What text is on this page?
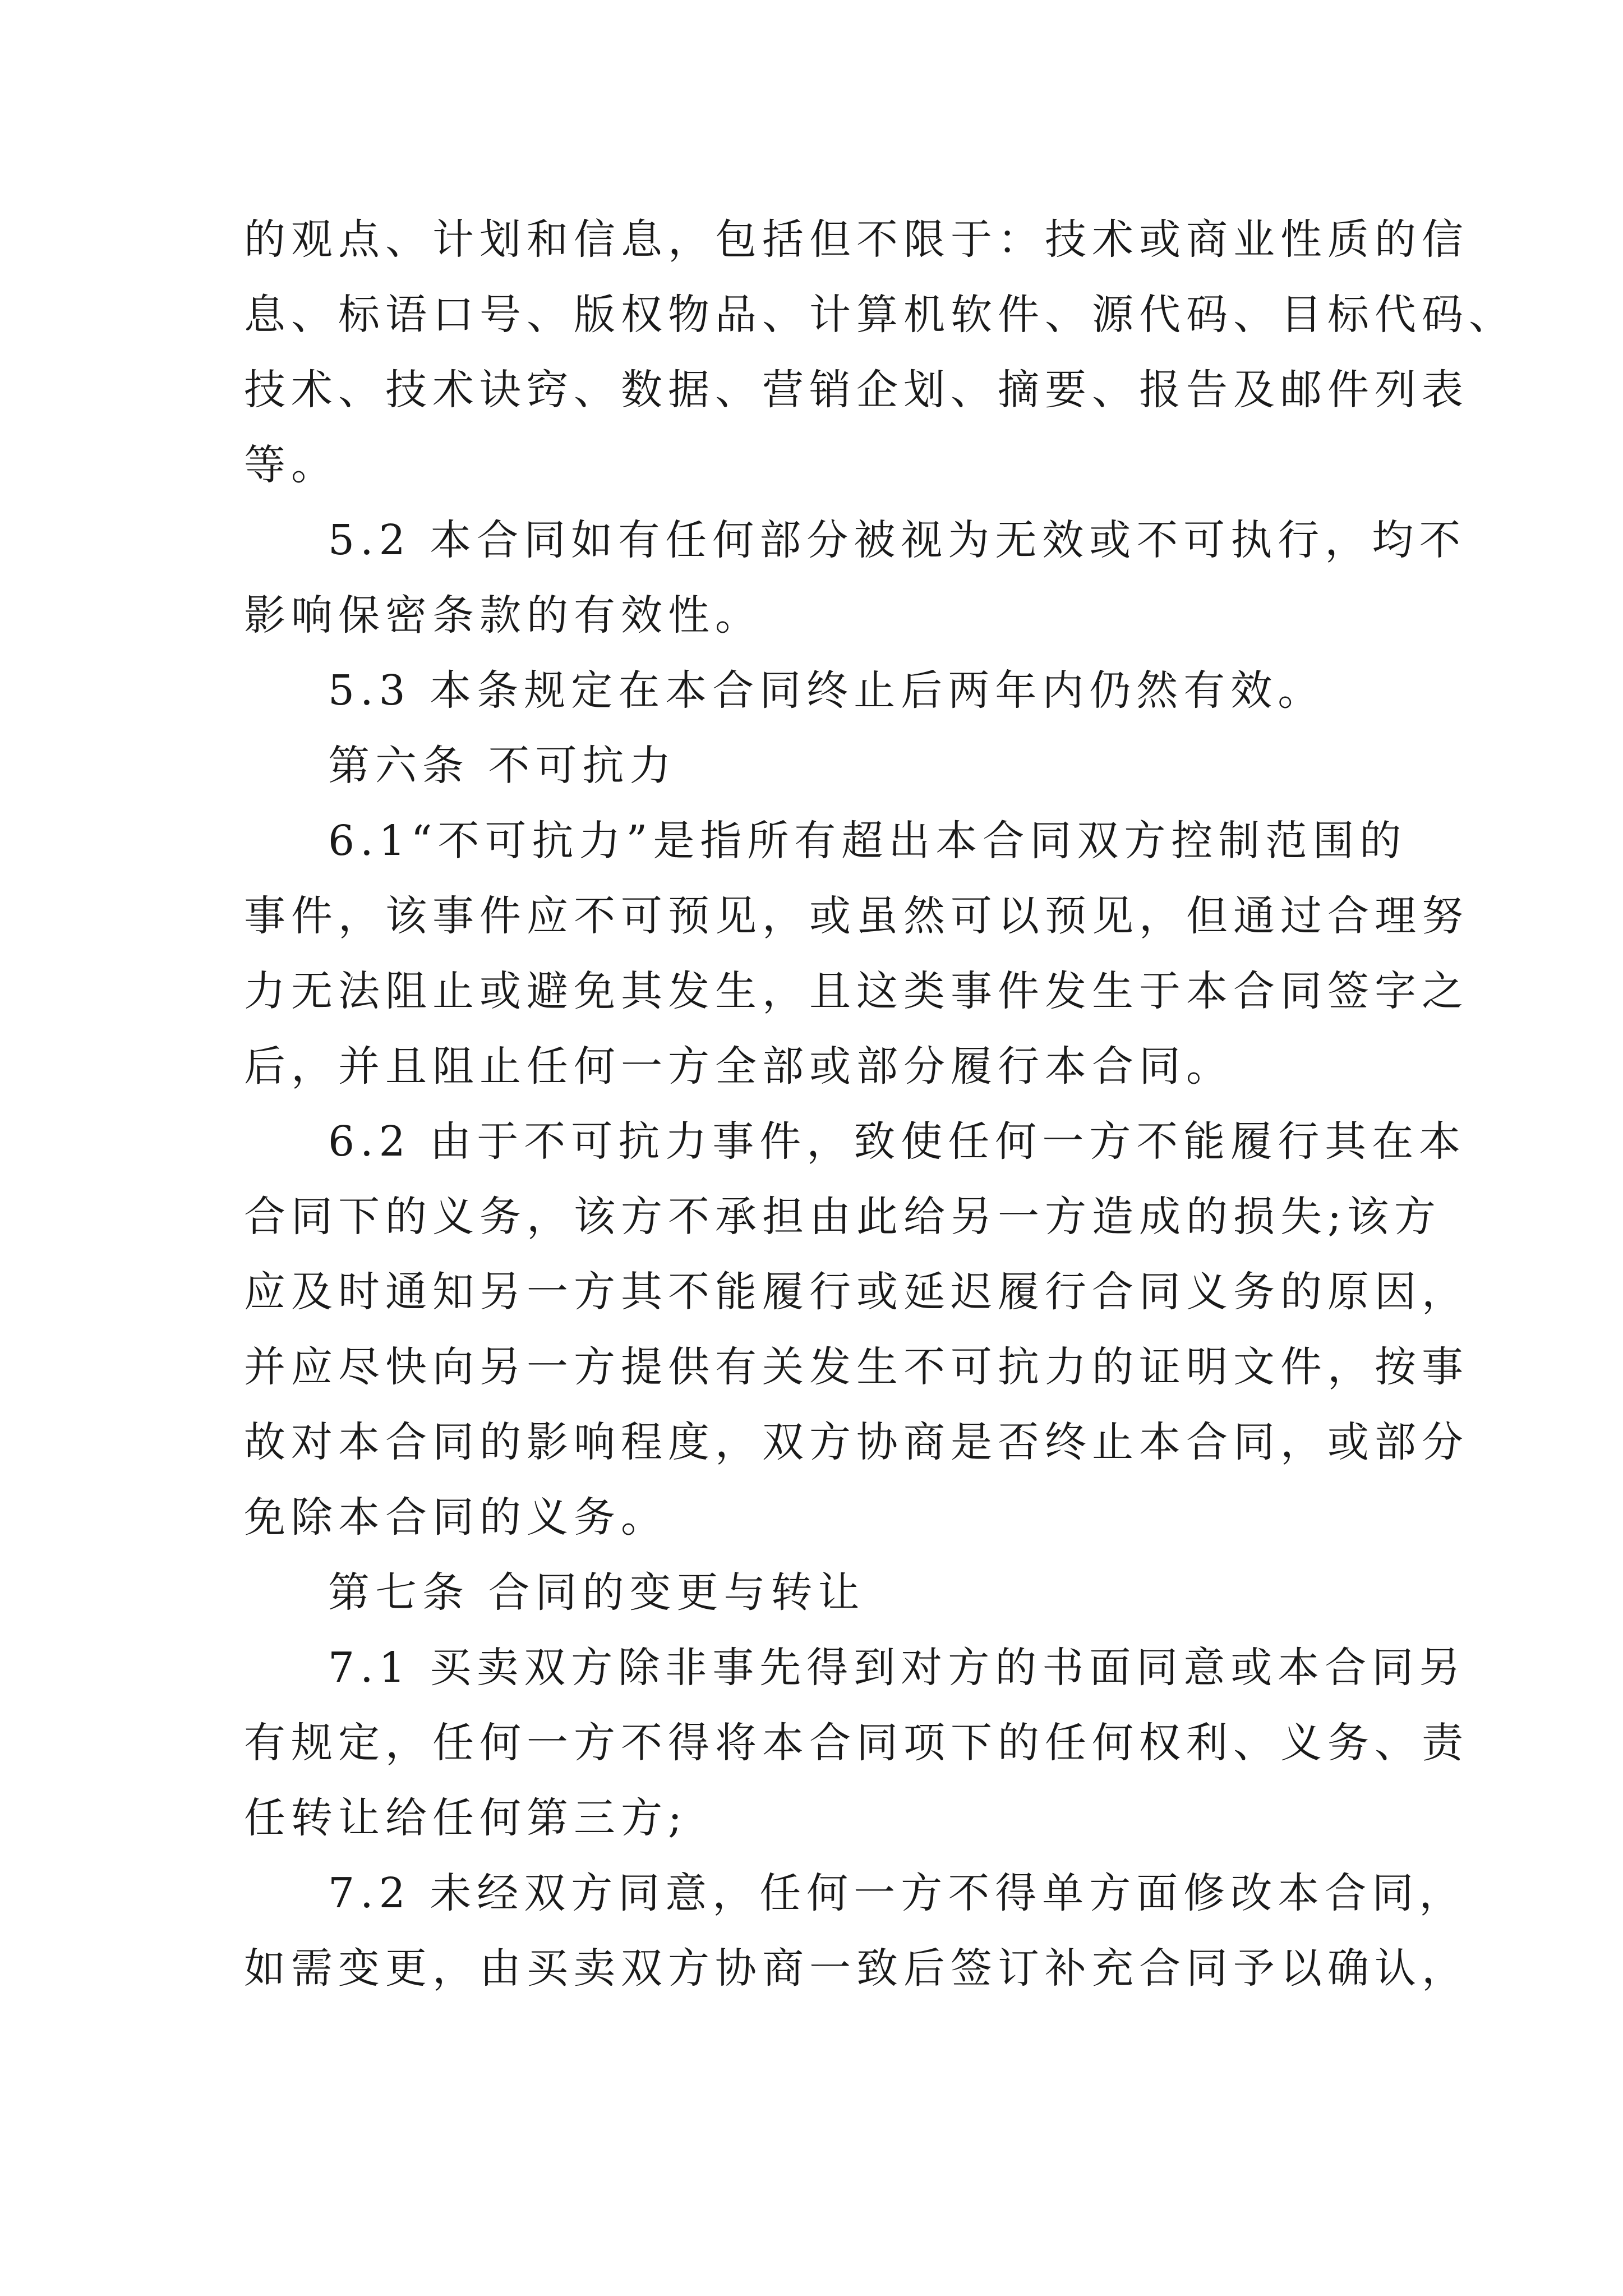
的观点、计划和信息，包括但不限于：技术或商业性质的信
息、标语口号、版权物品、计算机软件、源代码、目标代码、
技术、技术诀窍、数据、营销企划、摘要、报告及邮件列表
等。
5.2 本合同如有任何部分被视为无效或不可执行，均不
影响保密条款的有效性。
5.3 本条规定在本合同终止后两年内仍然有效。
第六条 不可抗力
6.1“不可抗力”是指所有超出本合同双方控制范围的
事件，该事件应不可预见，或虽然可以预见，但通过合理努
力无法阻止或避免其发生，且这类事件发生于本合同签字之
后，并且阻止任何一方全部或部分履行本合同。
6.2 由于不可抗力事件，致使任何一方不能履行其在本
合同下的义务，该方不承担由此给另一方造成的损失;该方
应及时通知另一方其不能履行或延迟履行合同义务的原因，
并应尽快向另一方提供有关发生不可抗力的证明文件，按事
故对本合同的影响程度，双方协商是否终止本合同，或部分
免除本合同的义务。
第七条 合同的变更与转让
7.1 买卖双方除非事先得到对方的书面同意或本合同另
有规定，任何一方不得将本合同项下的任何权利、义务、责
任转让给任何第三方;
7.2 未经双方同意，任何一方不得单方面修改本合同，
如需变更，由买卖双方协商一致后签订补充合同予以确认，
